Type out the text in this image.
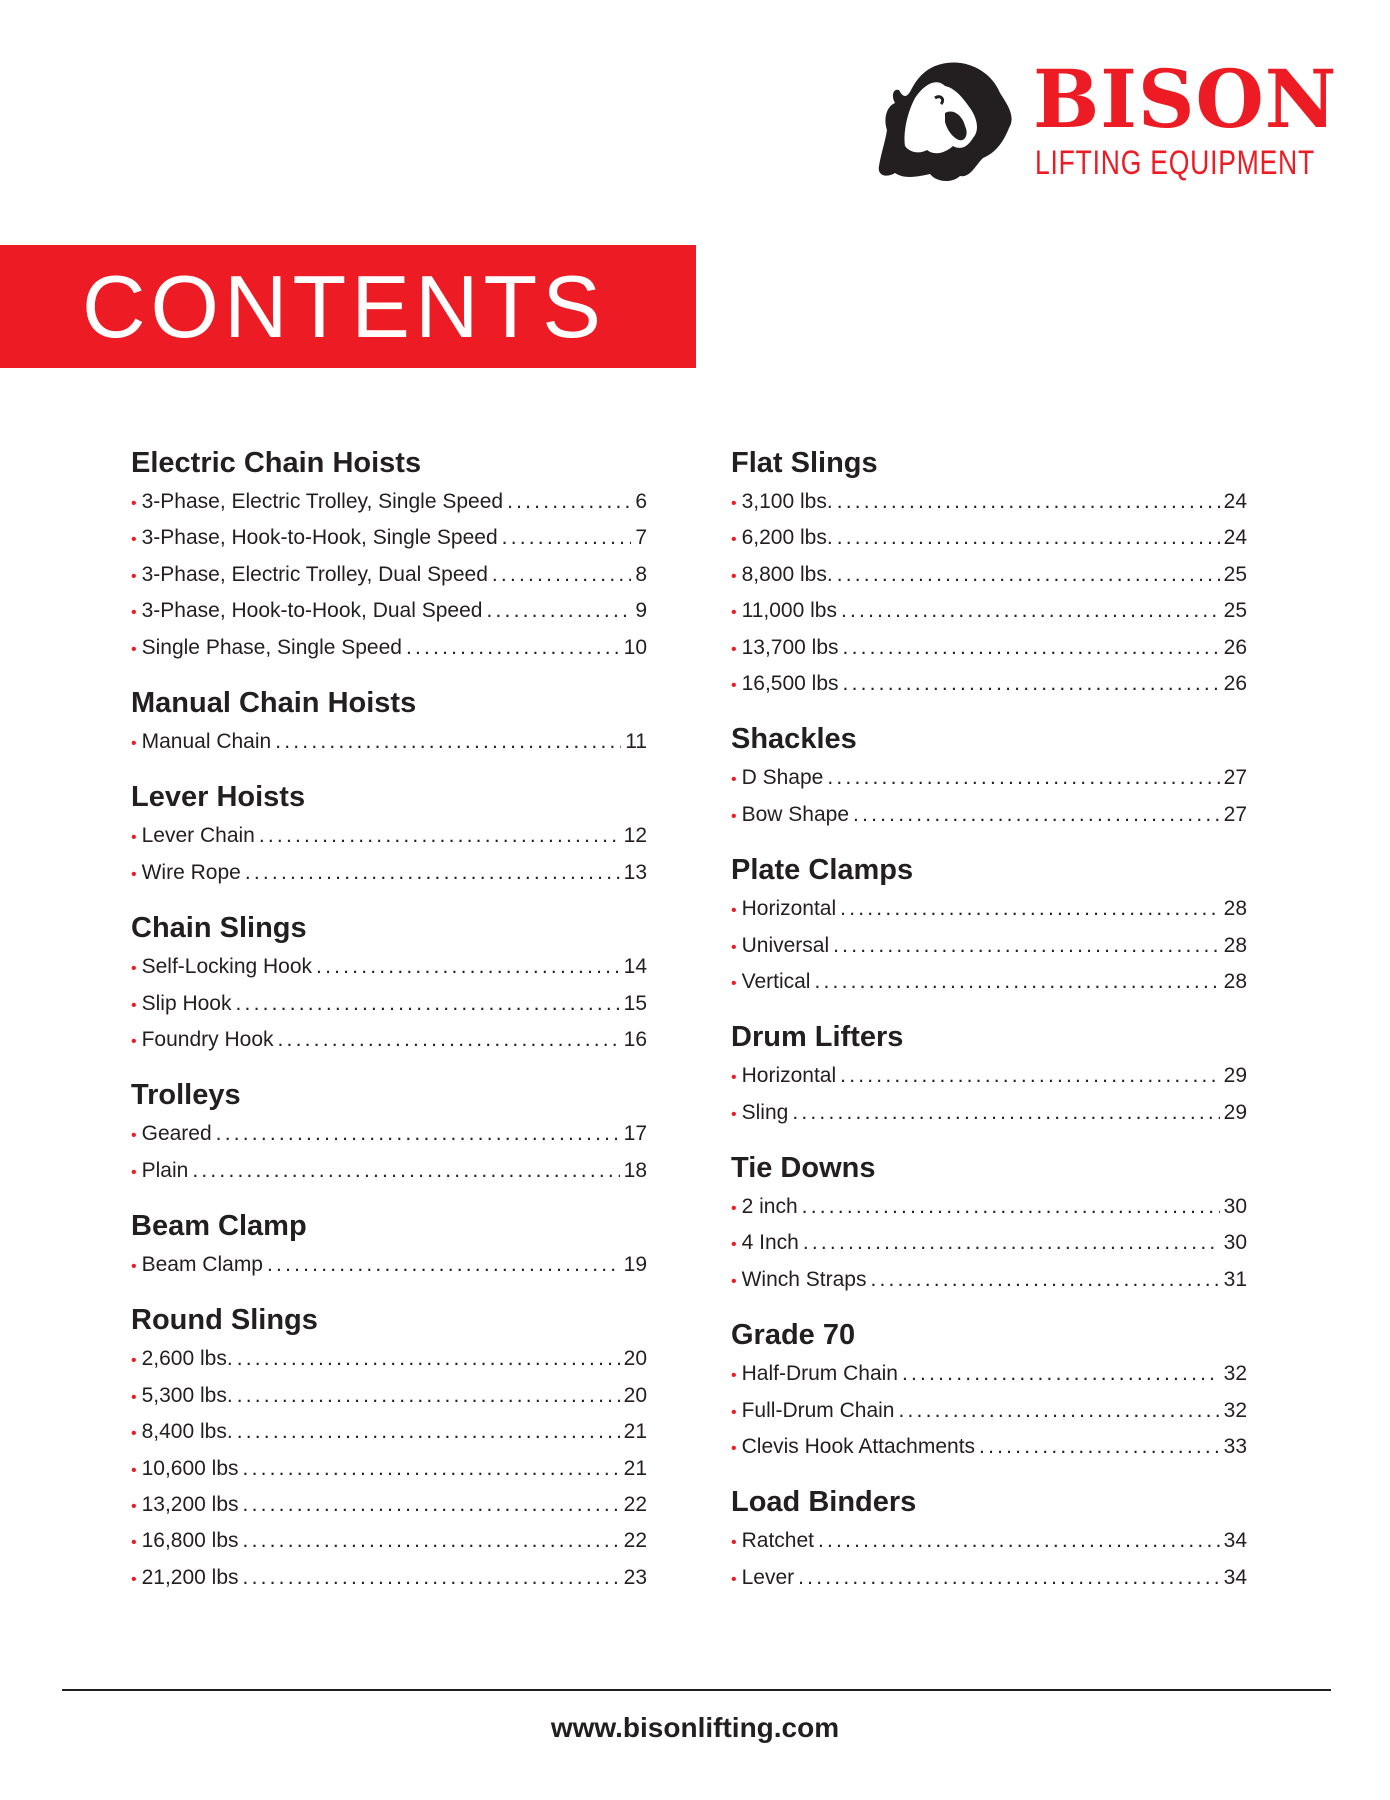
BISON
LIFTING EQUIPMENT
CONTENTS
Electric Chain Hoists
• 3-Phase, Electric Trolley, Single Speed .....	6
• 3-Phase, Hook-to-Hook, Single Speed .....	7
• 3-Phase, Electric Trolley, Dual Speed .....	8
• 3-Phase, Hook-to-Hook, Dual Speed .....	9
• Single Phase, Single Speed .....	10
Manual Chain Hoists
• Manual Chain .....	11
Lever Hoists
• Lever Chain .....	12
• Wire Rope .....	13
Chain Slings
• Self-Locking Hook .....	14
• Slip Hook .....	15
• Foundry Hook .....	16
Trolleys
• Geared .....	17
• Plain .....	18
Beam Clamp
• Beam Clamp .....	19
Round Slings
• 2,600 lbs. .....	20
• 5,300 lbs. .....	20
• 8,400 lbs. .....	21
• 10,600 lbs .....	21
• 13,200 lbs .....	22
• 16,800 lbs .....	22
• 21,200 lbs .....	23
Flat Slings
• 3,100 lbs. .....	24
• 6,200 lbs. .....	24
• 8,800 lbs. .....	25
• 11,000 lbs .....	25
• 13,700 lbs .....	26
• 16,500 lbs .....	26
Shackles
• D Shape .....	27
• Bow Shape .....	27
Plate Clamps
• Horizontal .....	28
• Universal .....	28
• Vertical .....	28
Drum Lifters
• Horizontal .....	29
• Sling .....	29
Tie Downs
• 2 inch .....	30
• 4 Inch .....	30
• Winch Straps .....	31
Grade 70
• Half-Drum Chain .....	32
• Full-Drum Chain .....	32
• Clevis Hook Attachments .....	33
Load Binders
• Ratchet .....	34
• Lever .....	34
www.bisonlifting.com
